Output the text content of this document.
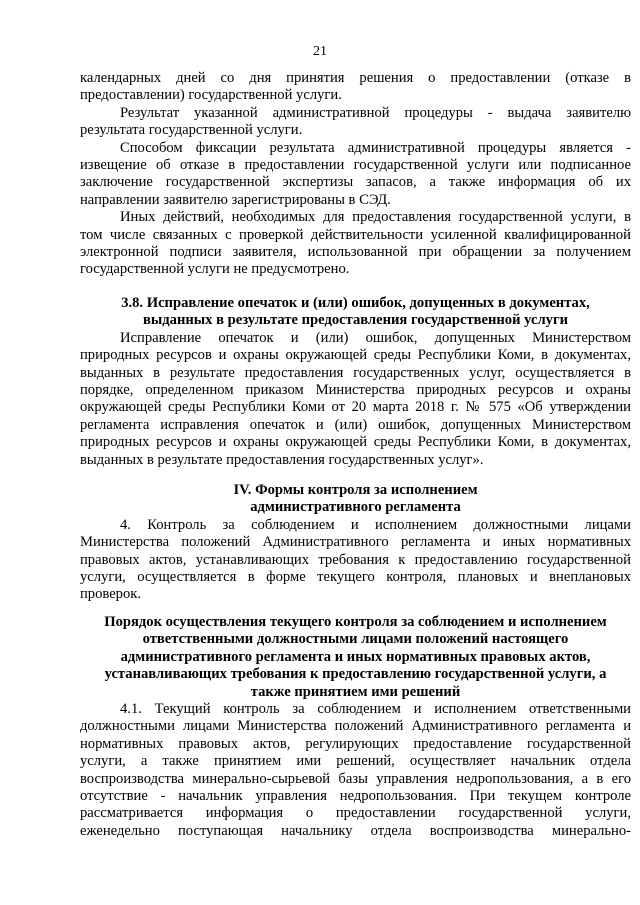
21
календарных дней со дня принятия решения о предоставлении (отказе в
предоставлении) государственной услуги.
Результат указанной административной процедуры - выдача заявителю
результата государственной услуги.
Способом фиксации результата административной процедуры является -
извещение об отказе в предоставлении государственной услуги или подписанное
заключение государственной экспертизы запасов, а также информация об их
направлении заявителю зарегистрированы в СЭД.
Иных действий, необходимых для предоставления государственной услуги, в
том числе связанных с проверкой действительности усиленной квалифицированной
электронной подписи заявителя, использованной при обращении за получением
государственной услуги не предусмотрено.
3.8. Исправление опечаток и (или) ошибок, допущенных в документах,
выданных в результате предоставления государственной услуги
Исправление опечаток и (или) ошибок, допущенных Министерством
природных ресурсов и охраны окружающей среды Республики Коми, в документах,
выданных в результате предоставления государственных услуг, осуществляется в
порядке, определенном приказом Министерства природных ресурсов и охраны
окружающей среды Республики Коми от 20 марта 2018 г. № 575 «Об утверждении
регламента исправления опечаток и (или) ошибок, допущенных Министерством
природных ресурсов и охраны окружающей среды Республики Коми, в документах,
выданных в результате предоставления государственных услуг».
IV. Формы контроля за исполнением
административного регламента
4. Контроль за соблюдением и исполнением должностными лицами
Министерства положений Административного регламента и иных нормативных
правовых актов, устанавливающих требования к предоставлению государственной
услуги, осуществляется в форме текущего контроля, плановых и внеплановых
проверок.
Порядок осуществления текущего контроля за соблюдением и исполнением
ответственными должностными лицами положений настоящего
административного регламента и иных нормативных правовых актов,
устанавливающих требования к предоставлению государственной услуги, а
также принятием ими решений
4.1. Текущий контроль за соблюдением и исполнением ответственными
должностными лицами Министерства положений Административного регламента и
нормативных правовых актов, регулирующих предоставление государственной
услуги, а также принятием ими решений, осуществляет начальник отдела
воспроизводства минерально-сырьевой базы управления недропользования, а в его
отсутствие - начальник управления недропользования. При текущем контроле
рассматривается информация о предоставлении государственной услуги,
еженедельно поступающая начальнику отдела воспроизводства минерально-
